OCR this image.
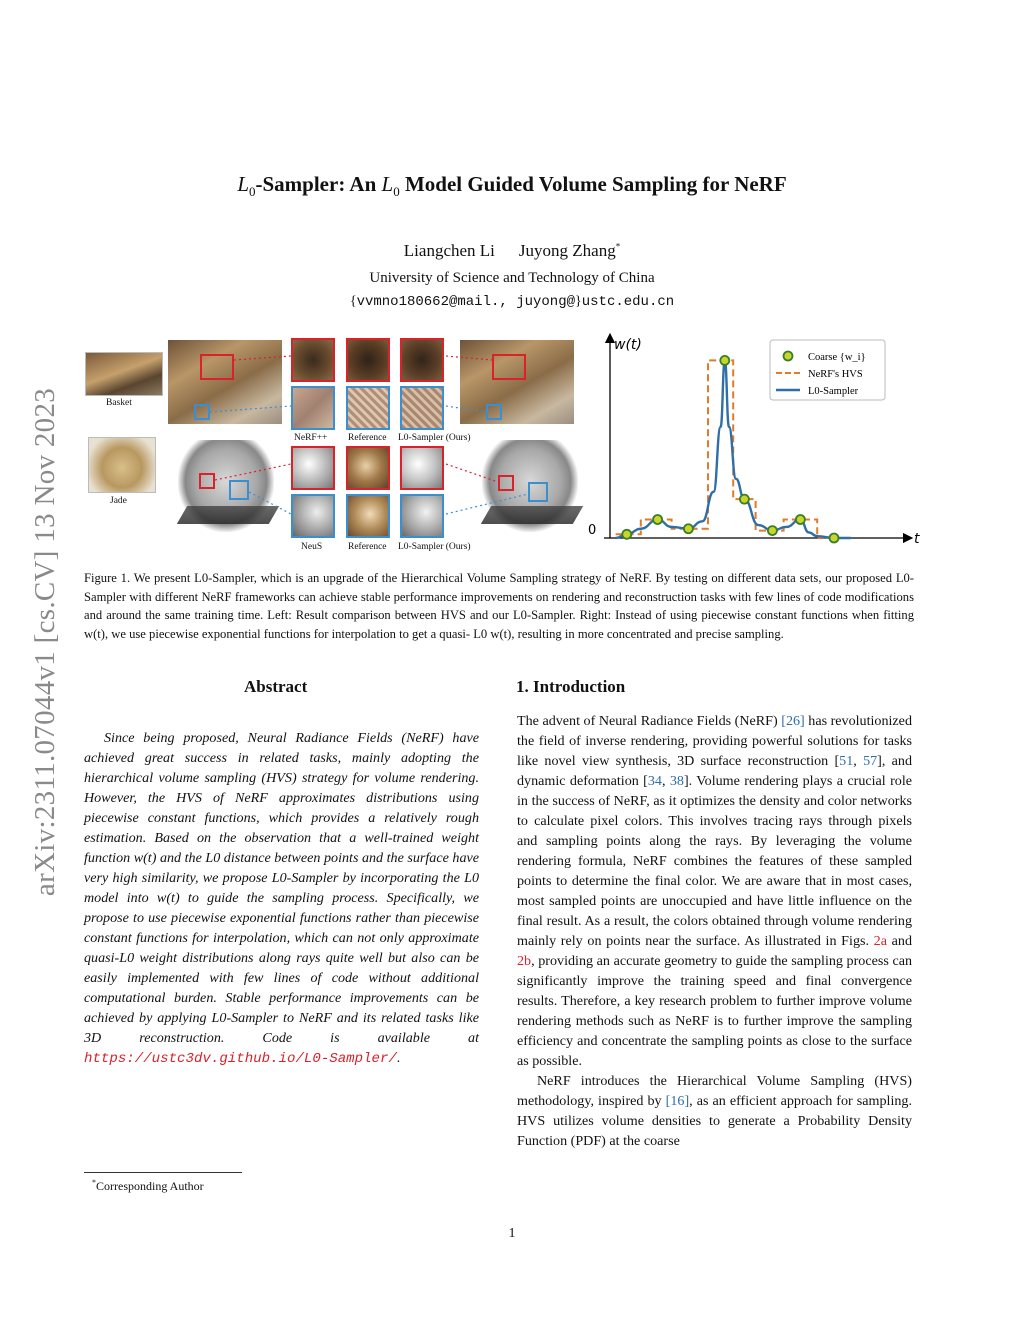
arXiv:2311.07044v1 [cs.CV] 13 Nov 2023
$L_0$-Sampler: An $L_0$ Model Guided Volume Sampling for NeRF
Liangchen Li Juyong Zhang*
University of Science and Technology of China
{vvmno180662@mail., juyong@}ustc.edu.cn
Basket
Jade
NeRF++ Reference L0-Sampler (Ours)
NeuS	Reference L0-Sampler (Ours)
w(t)
t
0
Coarse {w_i}
NeRF's HVS
L0-Sampler
Figure 1. We present L0-Sampler, which is an upgrade of the Hierarchical Volume Sampling strategy of NeRF. By testing on different data sets, our proposed L0-Sampler with different NeRF frameworks can achieve stable performance improvements on rendering and reconstruction tasks with few lines of code modifications and around the same training time. Left: Result comparison between HVS and our L0-Sampler. Right: Instead of using piecewise constant functions when fitting w(t), we use piecewise exponential functions for interpolation to get a quasi- L0 w(t), resulting in more concentrated and precise sampling.
Abstract
Since being proposed, Neural Radiance Fields (NeRF) have achieved great success in related tasks, mainly adopting the hierarchical volume sampling (HVS) strategy for volume rendering. However, the HVS of NeRF approximates distributions using piecewise constant functions, which provides a relatively rough estimation. Based on the observation that a well-trained weight function w(t) and the L0 distance between points and the surface have very high similarity, we propose L0-Sampler by incorporating the L0 model into w(t) to guide the sampling process. Specifically, we propose to use piecewise exponential functions rather than piecewise constant functions for interpolation, which can not only approximate quasi-L0 weight distributions along rays quite well but also can be easily implemented with few lines of code without additional computational burden. Stable performance improvements can be achieved by applying L0-Sampler to NeRF and its related tasks like 3D reconstruction. Code is available at https://ustc3dv.github.io/L0-Sampler/.
1. Introduction

The advent of Neural Radiance Fields (NeRF) [26] has revolutionized the field of inverse rendering, providing powerful solutions for tasks like novel view synthesis, 3D surface reconstruction [51, 57], and dynamic deformation [34, 38]. Volume rendering plays a crucial role in the success of NeRF, as it optimizes the density and color networks to calculate pixel colors. This involves tracing rays through pixels and sampling points along the rays. By leveraging the volume rendering formula, NeRF combines the features of these sampled points to determine the final color. We are aware that in most cases, most sampled points are unoccupied and have little influence on the final result. As a result, the colors obtained through volume rendering mainly rely on points near the surface. As illustrated in Figs. 2a and 2b, providing an accurate geometry to guide the sampling process can significantly improve the training speed and final convergence results. Therefore, a key research problem to further improve volume rendering methods such as NeRF is to further improve the sampling efficiency and concentrate the sampling points as close to the surface as possible.

NeRF introduces the Hierarchical Volume Sampling (HVS) methodology, inspired by [16], as an efficient approach for sampling. HVS utilizes volume densities to generate a Probability Density Function (PDF) at the coarse

*Corresponding Author
1
